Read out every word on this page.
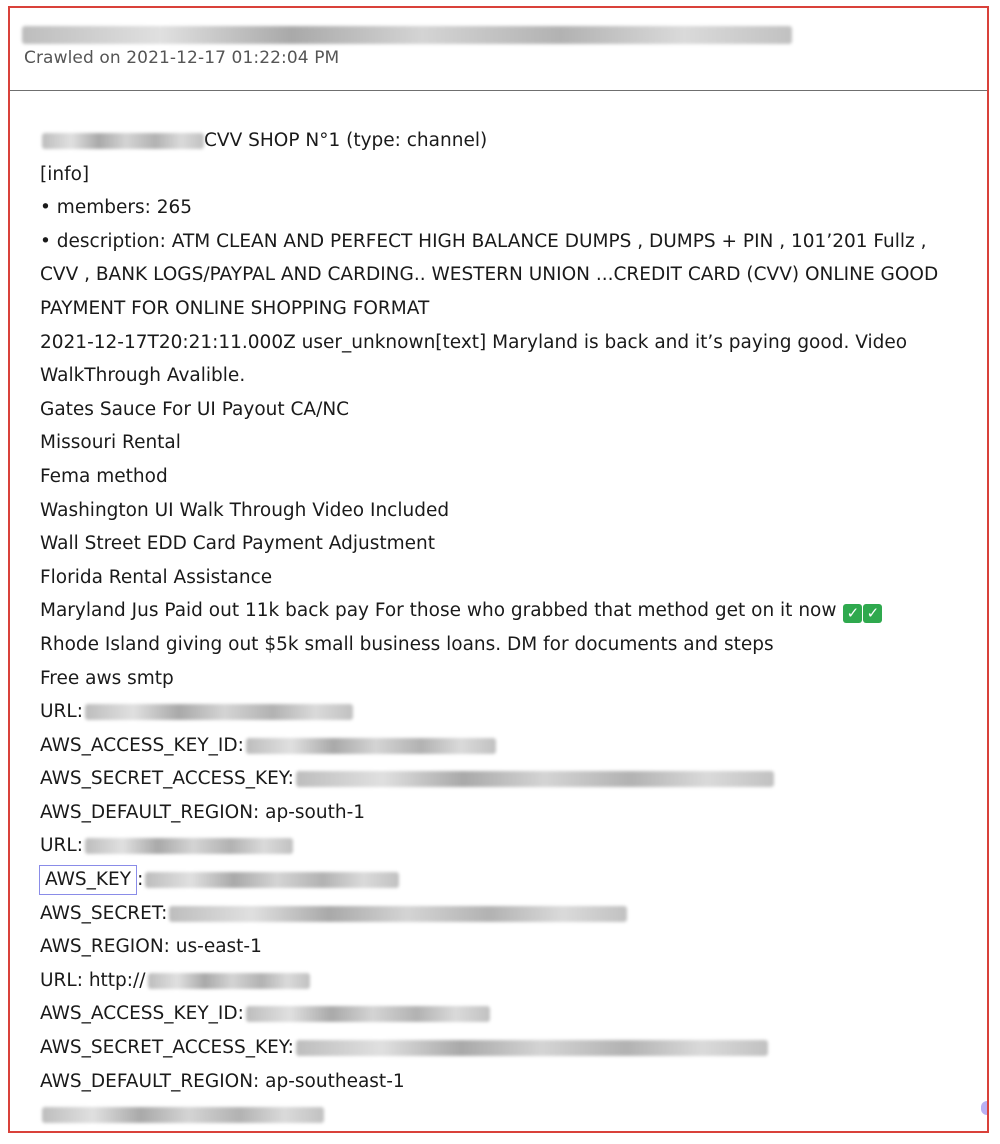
Crawled on 2021-12-17 01:22:04 PM
CVV SHOP N°1 (type: channel)
[info]
• members: 265
• description: ATM CLEAN AND PERFECT HIGH BALANCE DUMPS , DUMPS + PIN , 101’201 Fullz , CVV , BANK LOGS/PAYPAL AND CARDING.. WESTERN UNION ...CREDIT CARD (CVV) ONLINE GOOD PAYMENT FOR ONLINE SHOPPING FORMAT
2021-12-17T20:21:11.000Z user_unknown[text] Maryland is back and it’s paying good. Video WalkThrough Avalible.
Gates Sauce For UI Payout CA/NC
Missouri Rental
Fema method
Washington UI Walk Through Video Included
Wall Street EDD Card Payment Adjustment
Florida Rental Assistance
Maryland Jus Paid out 11k back pay For those who grabbed that method get on it now ✓ ✓
Rhode Island giving out $5k small business loans. DM for documents and steps
Free aws smtp
URL:
AWS_ACCESS_KEY_ID:
AWS_SECRET_ACCESS_KEY:
AWS_DEFAULT_REGION: ap-south-1
URL:
AWS_KEY :
AWS_SECRET:
AWS_REGION: us-east-1
URL: http://
AWS_ACCESS_KEY_ID:
AWS_SECRET_ACCESS_KEY:
AWS_DEFAULT_REGION: ap-southeast-1
